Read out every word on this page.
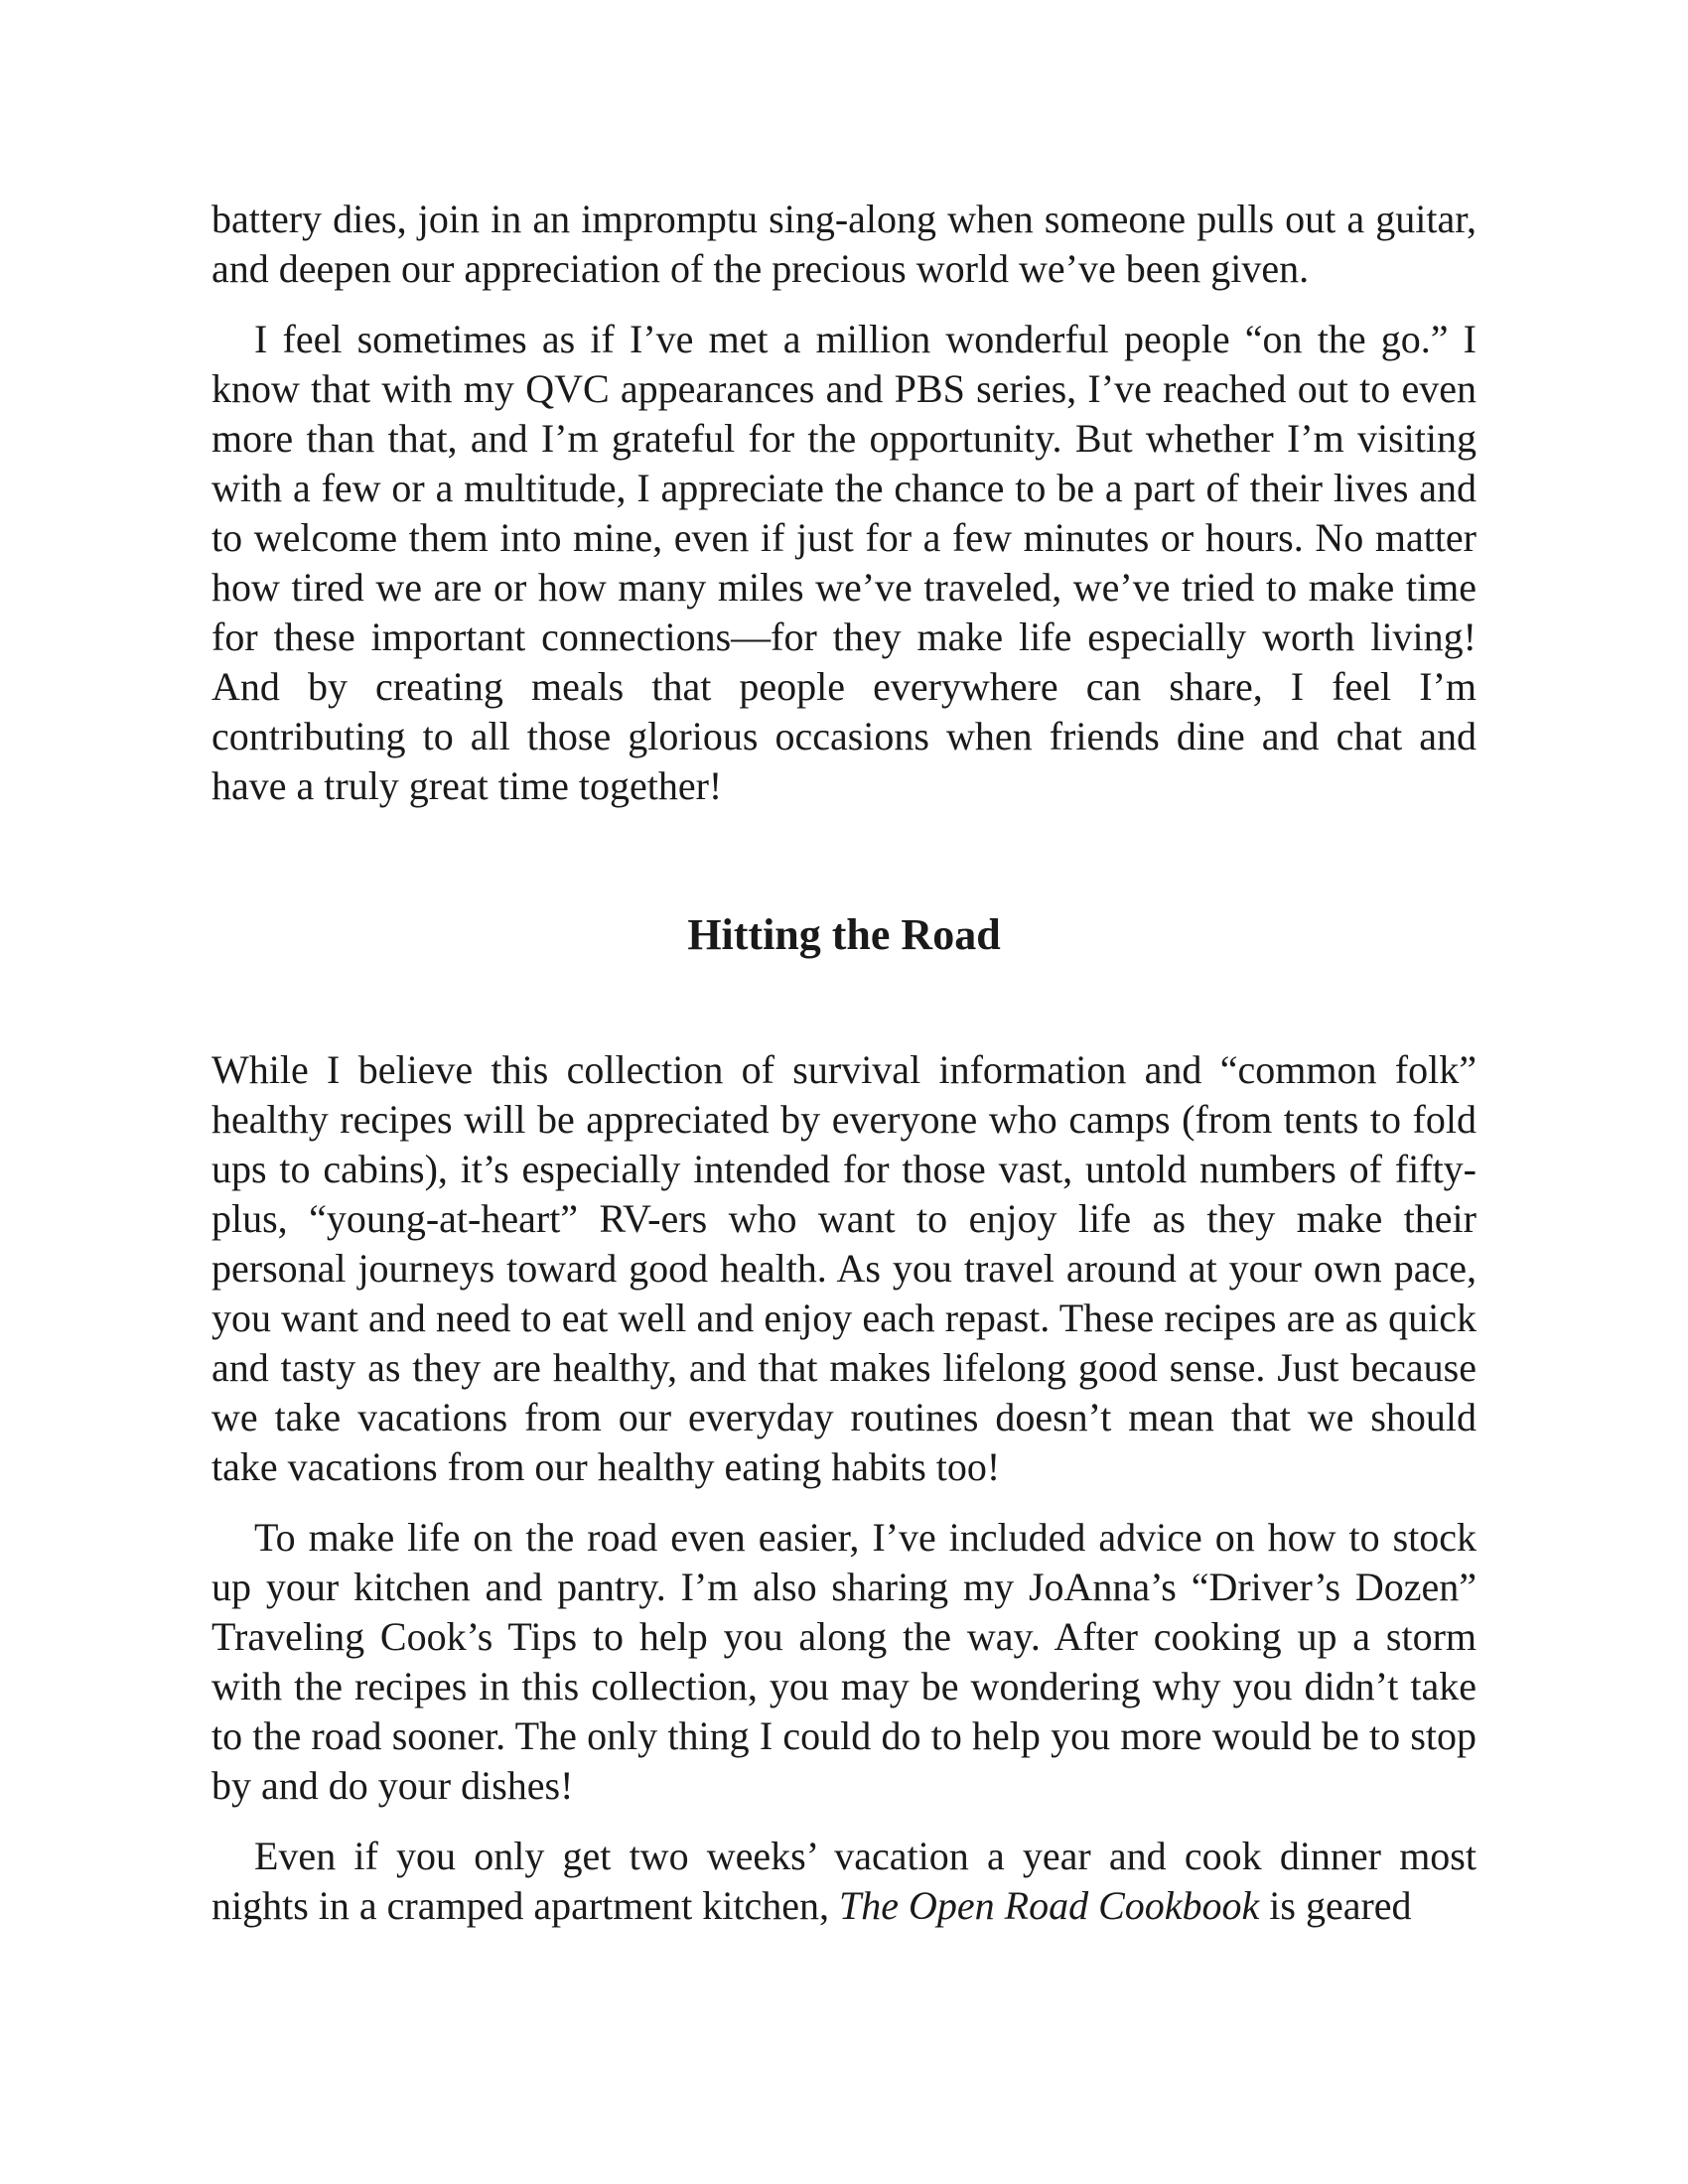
battery dies, join in an impromptu sing-along when someone pulls out a guitar, and deepen our appreciation of the precious world we’ve been given.

I feel sometimes as if I’ve met a million wonderful people “on the go.” I know that with my QVC appearances and PBS series, I’ve reached out to even more than that, and I’m grateful for the opportunity. But whether I’m visiting with a few or a multitude, I appreciate the chance to be a part of their lives and to welcome them into mine, even if just for a few minutes or hours. No matter how tired we are or how many miles we’ve traveled, we’ve tried to make time for these important connections—for they make life especially worth living! And by creating meals that people everywhere can share, I feel I’m contributing to all those glorious occasions when friends dine and chat and have a truly great time together!

Hitting the Road

While I believe this collection of survival information and “common folk” healthy recipes will be appreciated by everyone who camps (from tents to fold ups to cabins), it’s especially intended for those vast, untold numbers of fifty-plus, “young-at-heart” RV-ers who want to enjoy life as they make their personal journeys toward good health. As you travel around at your own pace, you want and need to eat well and enjoy each repast. These recipes are as quick and tasty as they are healthy, and that makes lifelong good sense. Just because we take vacations from our everyday routines doesn’t mean that we should take vacations from our healthy eating habits too!

To make life on the road even easier, I’ve included advice on how to stock up your kitchen and pantry. I’m also sharing my JoAnna’s “Driver’s Dozen” Traveling Cook’s Tips to help you along the way. After cooking up a storm with the recipes in this collection, you may be wondering why you didn’t take to the road sooner. The only thing I could do to help you more would be to stop by and do your dishes!

Even if you only get two weeks’ vacation a year and cook dinner most nights in a cramped apartment kitchen, The Open Road Cookbook is geared
